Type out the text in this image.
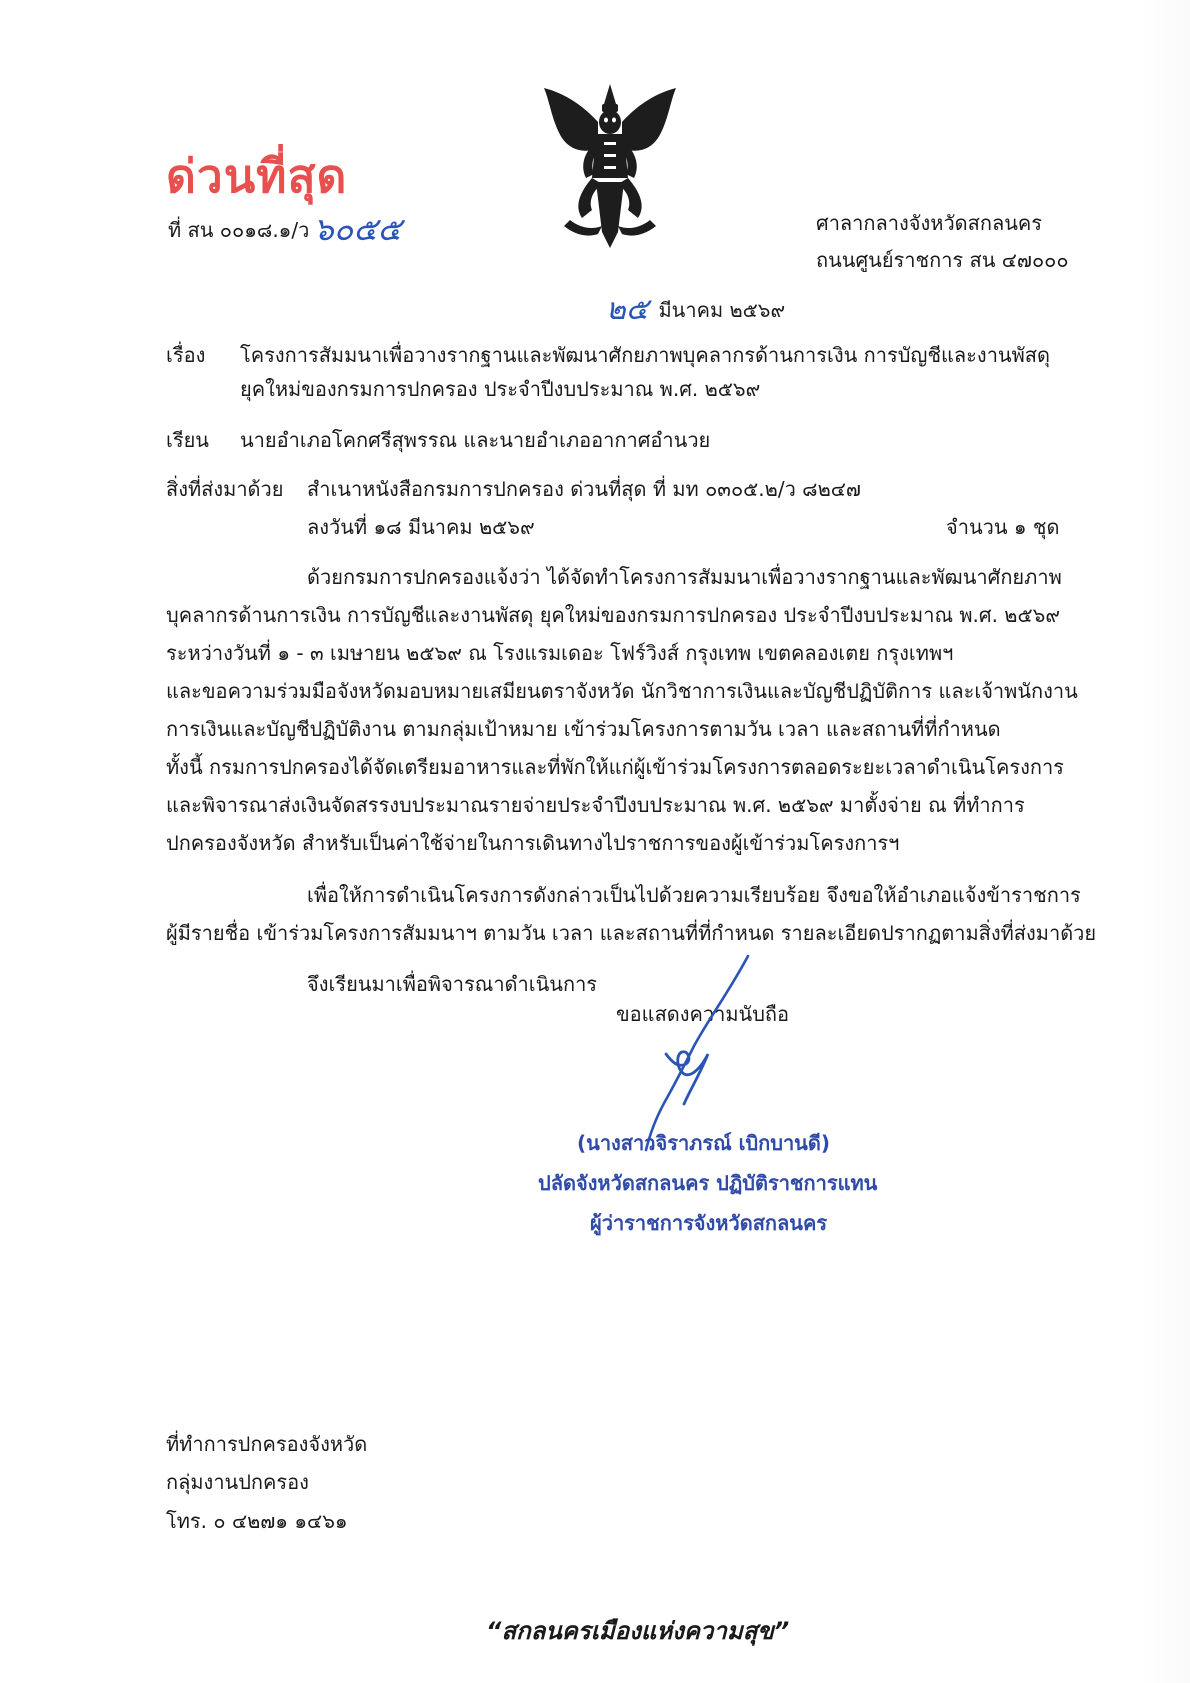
ด่วนที่สุด
ที่ สน ๐๐๑๘.๑/ว ๖๐๕๕	ศาลากลางจังหวัดสกลนคร
ถนนศูนย์ราชการ สน ๔๗๐๐๐
๒๕ มีนาคม ๒๕๖๙
เรื่อง โครงการสัมมนาเพื่อวางรากฐานและพัฒนาศักยภาพบุคลากรด้านการเงิน การบัญชีและงานพัสดุ
ยุคใหม่ของกรมการปกครอง ประจำปีงบประมาณ พ.ศ. ๒๕๖๙
เรียน นายอำเภอโคกศรีสุพรรณ และนายอำเภออากาศอำนวย
สิ่งที่ส่งมาด้วย สำเนาหนังสือกรมการปกครอง ด่วนที่สุด ที่ มท ๐๓๐๕.๒/ว ๘๒๔๗
ลงวันที่ ๑๘ มีนาคม ๒๕๖๙	จำนวน ๑ ชุด
ด้วยกรมการปกครองแจ้งว่า ได้จัดทำโครงการสัมมนาเพื่อวางรากฐานและพัฒนาศักยภาพ
บุคลากรด้านการเงิน การบัญชีและงานพัสดุ ยุคใหม่ของกรมการปกครอง ประจำปีงบประมาณ พ.ศ. ๒๕๖๙
ระหว่างวันที่ ๑ - ๓ เมษายน ๒๕๖๙ ณ โรงแรมเดอะ โฟร์วิงส์ กรุงเทพ เขตคลองเตย กรุงเทพฯ
และขอความร่วมมือจังหวัดมอบหมายเสมียนตราจังหวัด นักวิชาการเงินและบัญชีปฏิบัติการ และเจ้าพนักงาน
การเงินและบัญชีปฏิบัติงาน ตามกลุ่มเป้าหมาย เข้าร่วมโครงการตามวัน เวลา และสถานที่ที่กำหนด
ทั้งนี้ กรมการปกครองได้จัดเตรียมอาหารและที่พักให้แก่ผู้เข้าร่วมโครงการตลอดระยะเวลาดำเนินโครงการ
และพิจารณาส่งเงินจัดสรรงบประมาณรายจ่ายประจำปีงบประมาณ พ.ศ. ๒๕๖๙ มาตั้งจ่าย ณ ที่ทำการ
ปกครองจังหวัด สำหรับเป็นค่าใช้จ่ายในการเดินทางไปราชการของผู้เข้าร่วมโครงการฯ
เพื่อให้การดำเนินโครงการดังกล่าวเป็นไปด้วยความเรียบร้อย จึงขอให้อำเภอแจ้งข้าราชการ
ผู้มีรายชื่อ เข้าร่วมโครงการสัมมนาฯ ตามวัน เวลา และสถานที่ที่กำหนด รายละเอียดปรากฏตามสิ่งที่ส่งมาด้วย
จึงเรียนมาเพื่อพิจารณาดำเนินการ
ขอแสดงความนับถือ
(นางสาวจิราภรณ์ เบิกบานดี)
ปลัดจังหวัดสกลนคร ปฏิบัติราชการแทน
ผู้ว่าราชการจังหวัดสกลนคร
ที่ทำการปกครองจังหวัด
กลุ่มงานปกครอง
โทร. ๐ ๔๒๗๑ ๑๔๖๑
“สกลนครเมืองแห่งความสุข”
